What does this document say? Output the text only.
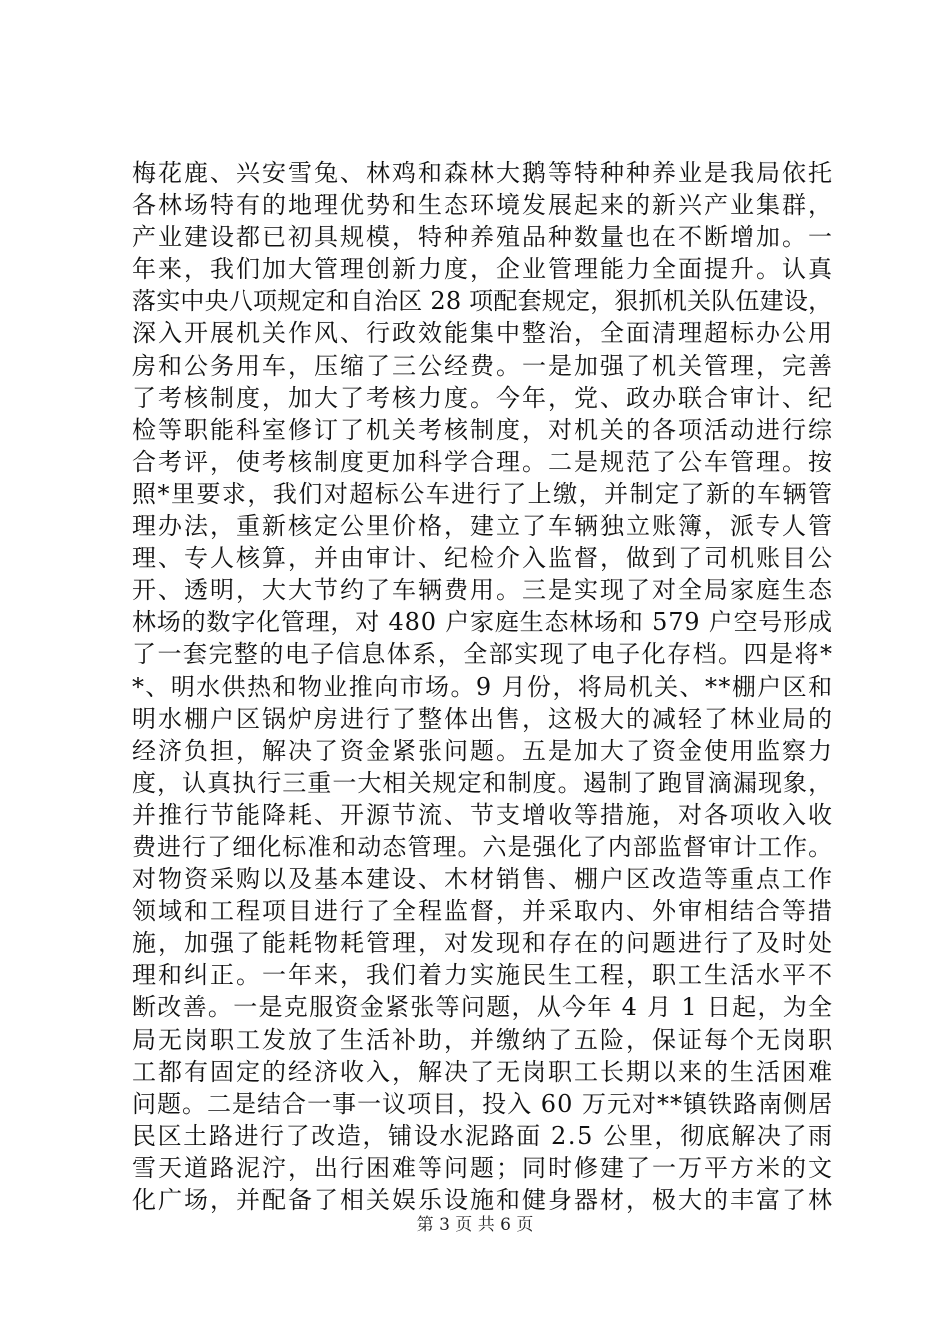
梅花鹿、兴安雪兔、林鸡和森林大鹅等特种种养业是我局依托
各林场特有的地理优势和生态环境发展起来的新兴产业集群，
产业建设都已初具规模，特种养殖品种数量也在不断增加。一
年来，我们加大管理创新力度，企业管理能力全面提升。认真
落实中央八项规定和自治区 28 项配套规定，狠抓机关队伍建设，
深入开展机关作风、行政效能集中整治，全面清理超标办公用
房和公务用车，压缩了三公经费。一是加强了机关管理，完善
了考核制度，加大了考核力度。今年，党、政办联合审计、纪
检等职能科室修订了机关考核制度，对机关的各项活动进行综
合考评，使考核制度更加科学合理。二是规范了公车管理。按
照*里要求，我们对超标公车进行了上缴，并制定了新的车辆管
理办法，重新核定公里价格，建立了车辆独立账簿，派专人管
理、专人核算，并由审计、纪检介入监督，做到了司机账目公
开、透明，大大节约了车辆费用。三是实现了对全局家庭生态
林场的数字化管理，对 480 户家庭生态林场和 579 户空号形成
了一套完整的电子信息体系，全部实现了电子化存档。四是将*
*、明水供热和物业推向市场。9 月份，将局机关、**棚户区和
明水棚户区锅炉房进行了整体出售，这极大的减轻了林业局的
经济负担，解决了资金紧张问题。五是加大了资金使用监察力
度，认真执行三重一大相关规定和制度。遏制了跑冒滴漏现象，
并推行节能降耗、开源节流、节支增收等措施，对各项收入收
费进行了细化标准和动态管理。六是强化了内部监督审计工作。
对物资采购以及基本建设、木材销售、棚户区改造等重点工作
领域和工程项目进行了全程监督，并采取内、外审相结合等措
施，加强了能耗物耗管理，对发现和存在的问题进行了及时处
理和纠正。一年来，我们着力实施民生工程，职工生活水平不
断改善。一是克服资金紧张等问题，从今年 4 月 1 日起，为全
局无岗职工发放了生活补助，并缴纳了五险，保证每个无岗职
工都有固定的经济收入，解决了无岗职工长期以来的生活困难
问题。二是结合一事一议项目，投入 60 万元对**镇铁路南侧居
民区土路进行了改造，铺设水泥路面 2.5 公里，彻底解决了雨
雪天道路泥泞，出行困难等问题；同时修建了一万平方米的文
化广场，并配备了相关娱乐设施和健身器材，极大的丰富了林
第 3 页 共 6 页
